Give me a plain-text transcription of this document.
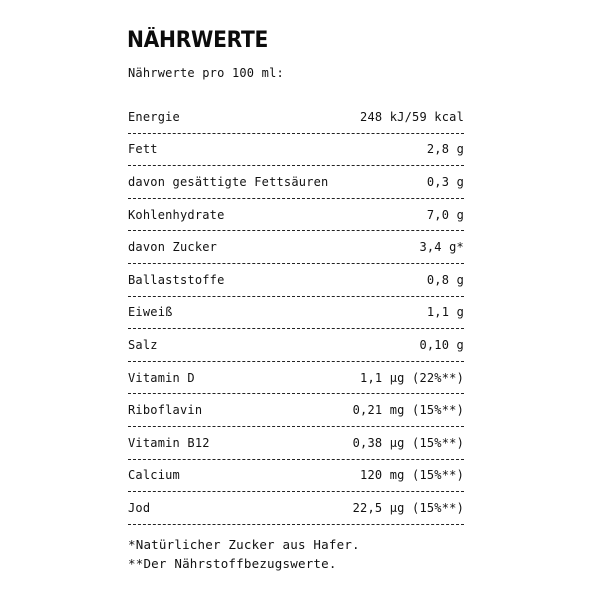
NÄHRWERTE
Nährwerte pro 100 ml:
Energie	248 kJ/59 kcal
Fett	2,8 g
davon gesättigte Fettsäuren	0,3 g
Kohlenhydrate	7,0 g
davon Zucker	3,4 g*
Ballaststoffe	0,8 g
Eiweiß	1,1 g
Salz	0,10 g
Vitamin D	1,1 µg (22%**)
Riboflavin	0,21 mg (15%**)
Vitamin B12	0,38 µg (15%**)
Calcium	120 mg (15%**)
Jod	22,5 µg (15%**)
*Natürlicher Zucker aus Hafer.
**Der Nährstoffbezugswerte.
